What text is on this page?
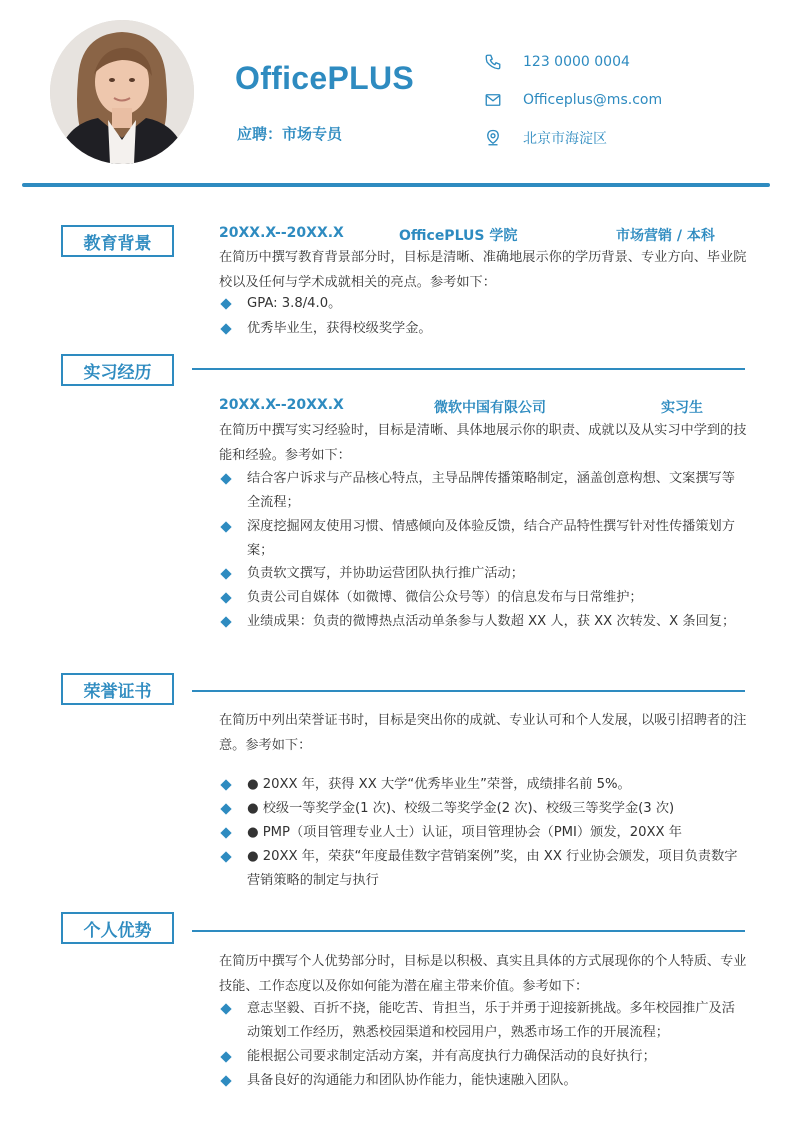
OfficePLUS
应聘：市场专员
123 0000 0004
Officeplus@ms.com
北京市海淀区
教育背景
20XX.X--20XX.X	OfficePLUS 学院	市场营销 / 本科
在简历中撰写教育背景部分时，目标是清晰、准确地展示你的学历背景、专业方向、毕业院校以及任何与学术成就相关的亮点。参考如下：
GPA: 3.8/4.0。
优秀毕业生，获得校级奖学金。
实习经历
20XX.X--20XX.X	微软中国有限公司	实习生
在简历中撰写实习经验时，目标是清晰、具体地展示你的职责、成就以及从实习中学到的技能和经验。参考如下：
结合客户诉求与产品核心特点，主导品牌传播策略制定，涵盖创意构想、文案撰写等全流程；
深度挖掘网友使用习惯、情感倾向及体验反馈，结合产品特性撰写针对性传播策划方案；
负责软文撰写，并协助运营团队执行推广活动；
负责公司自媒体（如微博、微信公众号等）的信息发布与日常维护；
业绩成果：负责的微博热点活动单条参与人数超 XX 人，获 XX 次转发、X 条回复；
荣誉证书
在简历中列出荣誉证书时，目标是突出你的成就、专业认可和个人发展，以吸引招聘者的注意。参考如下：
● 20XX 年，获得 XX 大学“优秀毕业生”荣誉，成绩排名前 5%。
● 校级一等奖学金(1 次)、校级二等奖学金(2 次)、校级三等奖学金(3 次)
● PMP（项目管理专业人士）认证，项目管理协会（PMI）颁发，20XX 年
● 20XX 年，荣获“年度最佳数字营销案例”奖，由 XX 行业协会颁发，项目负责数字营销策略的制定与执行
个人优势
在简历中撰写个人优势部分时，目标是以积极、真实且具体的方式展现你的个人特质、专业技能、工作态度以及你如何能为潜在雇主带来价值。参考如下：
意志坚毅、百折不挠，能吃苦、肯担当，乐于并勇于迎接新挑战。多年校园推广及活动策划工作经历，熟悉校园渠道和校园用户，熟悉市场工作的开展流程；
能根据公司要求制定活动方案，并有高度执行力确保活动的良好执行；
具备良好的沟通能力和团队协作能力，能快速融入团队。
